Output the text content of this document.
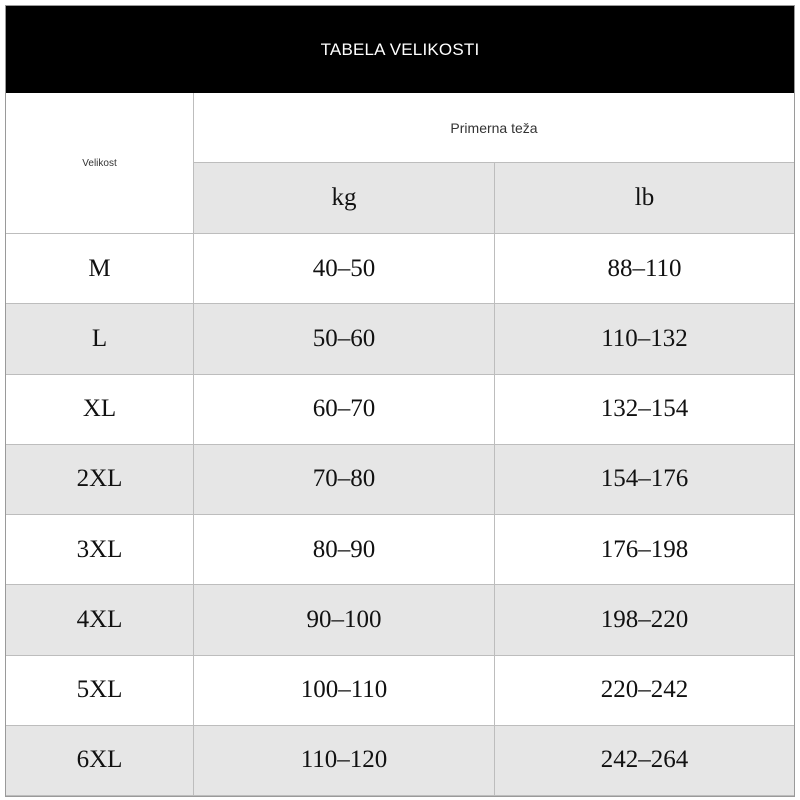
TABELA VELIKOSTI
Velikost
Primerna teža
kg	lb
M	40–50	88–110
L	50–60	110–132
XL	60–70	132–154
2XL	70–80	154–176
3XL	80–90	176–198
4XL	90–100	198–220
5XL	100–110	220–242
6XL	110–120	242–264
